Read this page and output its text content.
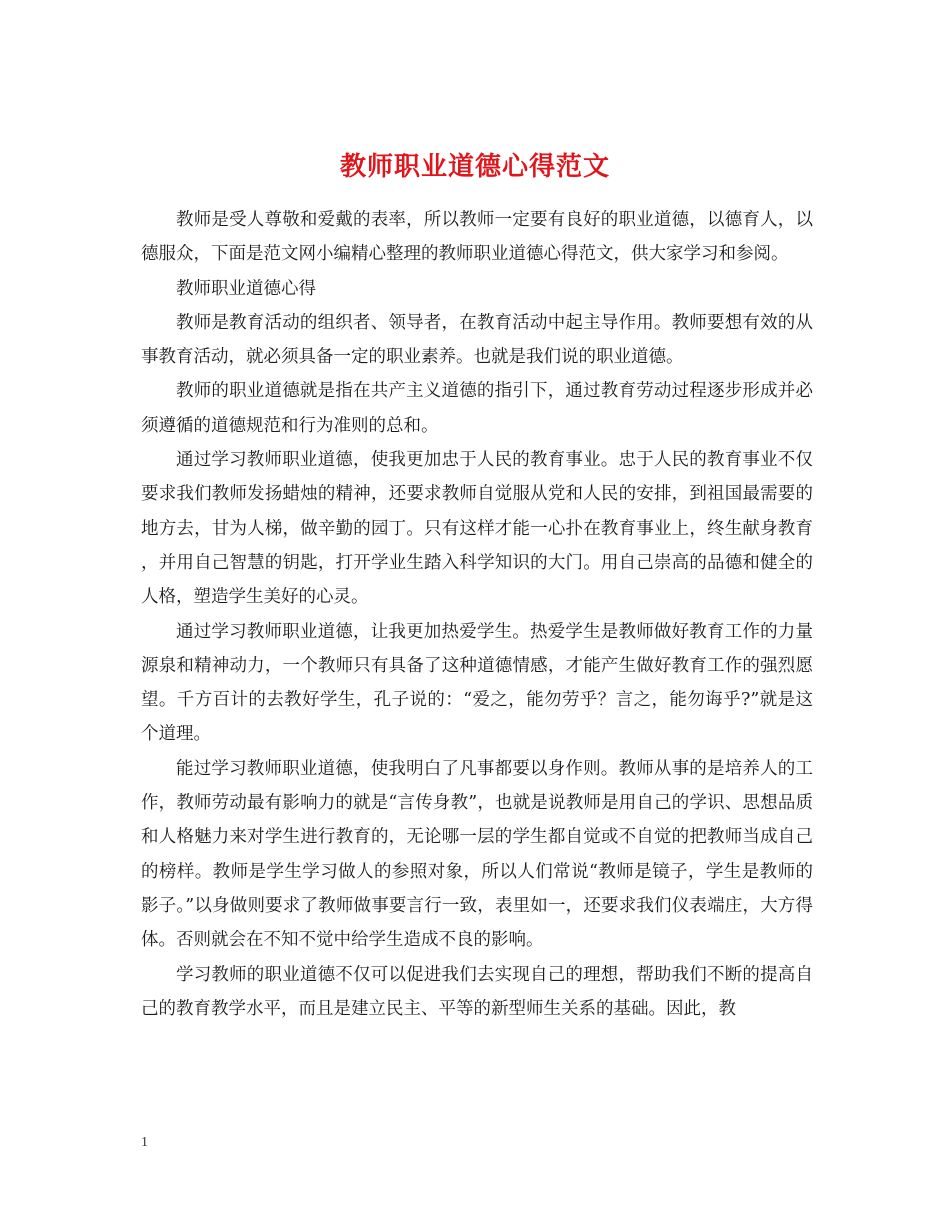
教师职业道德心得范文

教师是受人尊敬和爱戴的表率，所以教师一定要有良好的职业道德，以德育人，以德服众，下面是范文网小编精心整理的教师职业道德心得范文，供大家学习和参阅。

教师职业道德心得

教师是教育活动的组织者、领导者，在教育活动中起主导作用。教师要想有效的从事教育活动，就必须具备一定的职业素养。也就是我们说的职业道德。

教师的职业道德就是指在共产主义道德的指引下，通过教育劳动过程逐步形成并必须遵循的道德规范和行为准则的总和。

通过学习教师职业道德，使我更加忠于人民的教育事业。忠于人民的教育事业不仅要求我们教师发扬蜡烛的精神，还要求教师自觉服从党和人民的安排，到祖国最需要的地方去，甘为人梯，做辛勤的园丁。只有这样才能一心扑在教育事业上，终生献身教育，并用自己智慧的钥匙，打开学业生踏入科学知识的大门。用自己崇高的品德和健全的人格，塑造学生美好的心灵。

通过学习教师职业道德，让我更加热爱学生。热爱学生是教师做好教育工作的力量源泉和精神动力，一个教师只有具备了这种道德情感，才能产生做好教育工作的强烈愿望。千方百计的去教好学生，孔子说的：“爱之，能勿劳乎？言之，能勿诲乎?”就是这个道理。

能过学习教师职业道德，使我明白了凡事都要以身作则。教师从事的是培养人的工作，教师劳动最有影响力的就是“言传身教”，也就是说教师是用自己的学识、思想品质和人格魅力来对学生进行教育的，无论哪一层的学生都自觉或不自觉的把教师当成自己的榜样。教师是学生学习做人的参照对象，所以人们常说“教师是镜子，学生是教师的影子。”以身做则要求了教师做事要言行一致，表里如一，还要求我们仪表端庄，大方得体。否则就会在不知不觉中给学生造成不良的影响。

学习教师的职业道德不仅可以促进我们去实现自己的理想，帮助我们不断的提高自己的教育教学水平，而且是建立民主、平等的新型师生关系的基础。因此，教

1
